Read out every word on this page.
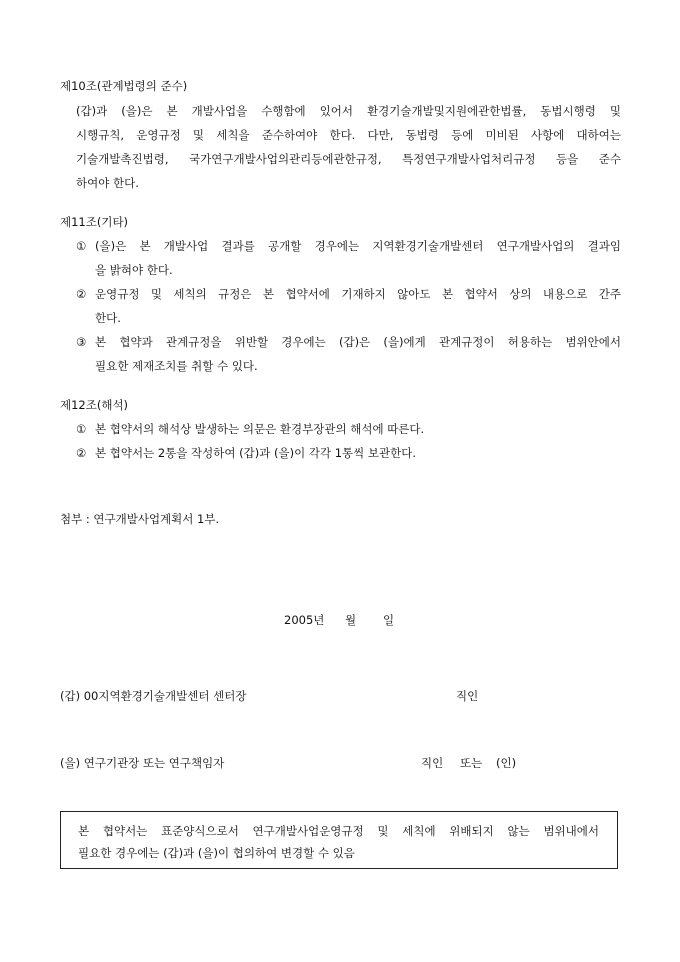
제10조(관계법령의 준수)
(갑)과 (을)은 본 개발사업을 수행함에 있어서 환경기술개발및지원에관한법률, 동법시행령 및
시행규칙, 운영규정 및 세칙을 준수하여야 한다. 다만, 동법령 등에 미비된 사항에 대하여는
기술개발촉진법령, 국가연구개발사업의관리등에관한규정, 특정연구개발사업처리규정 등을 준수
하여야 한다.
제11조(기타)
① (을)은 본 개발사업 결과를 공개할 경우에는 지역환경기술개발센터 연구개발사업의 결과임
을 밝혀야 한다.
② 운영규정 및 세칙의 규정은 본 협약서에 기재하지 않아도 본 협약서 상의 내용으로 간주
한다.
③ 본 협약과 관계규정을 위반할 경우에는 (갑)은 (을)에게 관계규정이 허용하는 범위안에서
필요한 제재조치를 취할 수 있다.
제12조(해석)
① 본 협약서의 해석상 발생하는 의문은 환경부장관의 해석에 따른다.
② 본 협약서는 2통을 작성하여 (갑)과 (을)이 각각 1통씩 보관한다.
첨부 : 연구개발사업계획서 1부.
2005년 월 일
(갑) 00지역환경기술개발센터 센터장	직인
(을) 연구기관장 또는 연구책임자	직인 또는 (인)
본 협약서는 표준양식으로서 연구개발사업운영규정 및 세칙에 위배되지 않는 범위내에서
필요한 경우에는 (갑)과 (을)이 협의하여 변경할 수 있음
